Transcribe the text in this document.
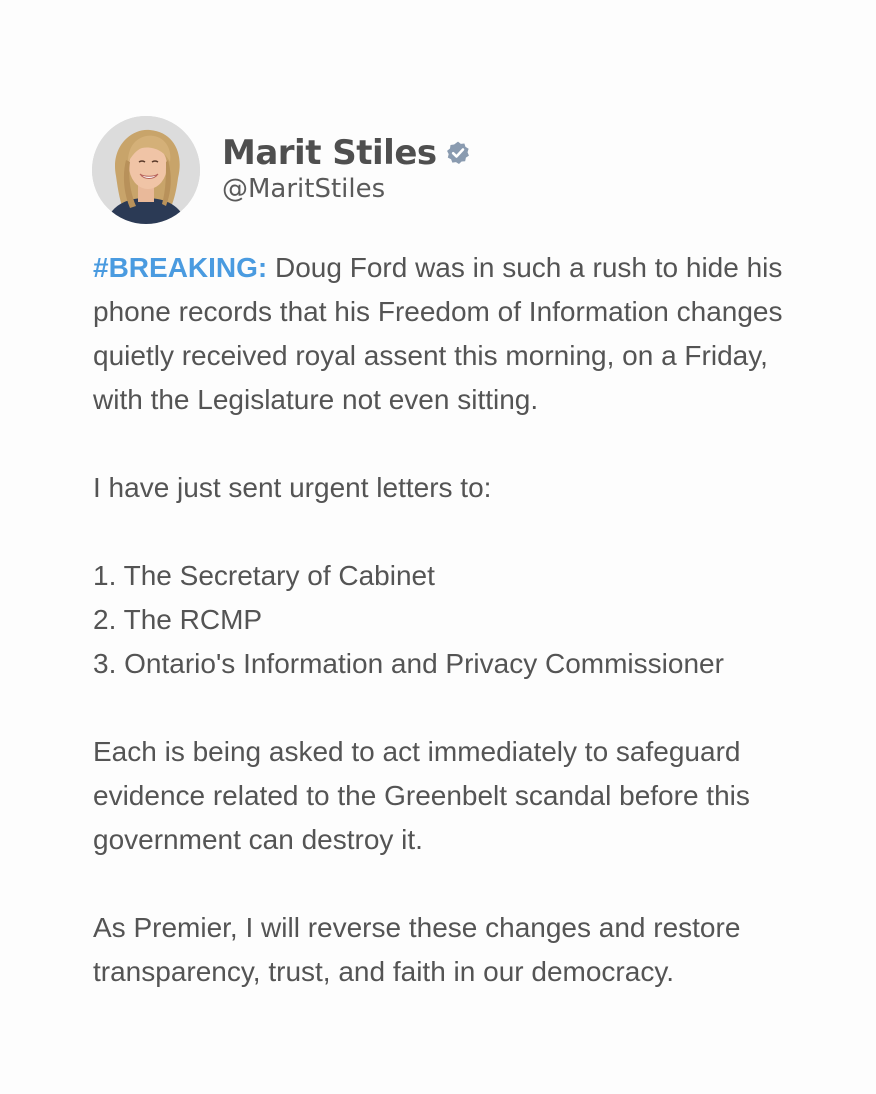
Marit Stiles
@MaritStiles

#BREAKING: Doug Ford was in such a rush to hide his phone records that his Freedom of Information changes quietly received royal assent this morning, on a Friday, with the Legislature not even sitting.

I have just sent urgent letters to:

1. The Secretary of Cabinet
2. The RCMP
3. Ontario's Information and Privacy Commissioner

Each is being asked to act immediately to safeguard evidence related to the Greenbelt scandal before this government can destroy it.

As Premier, I will reverse these changes and restore transparency, trust, and faith in our democracy.
